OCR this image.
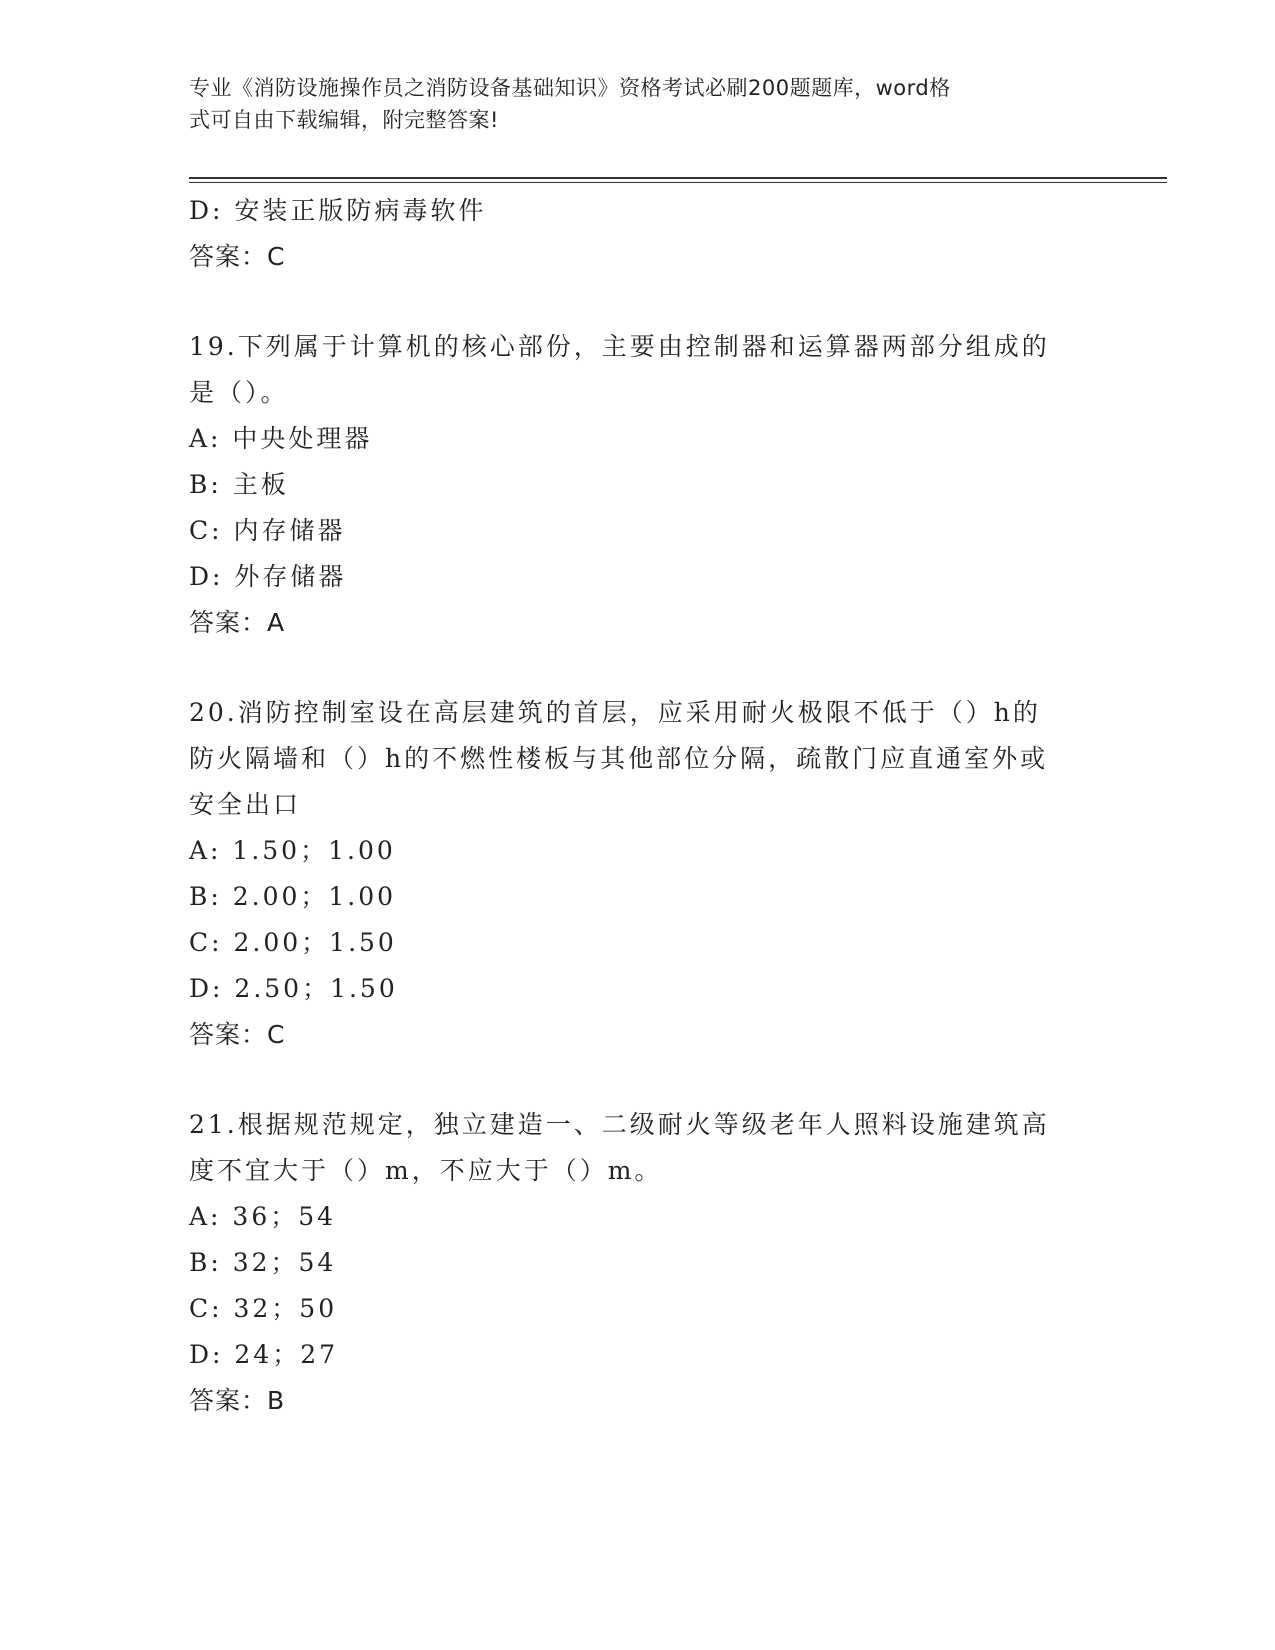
专业《消防设施操作员之消防设备基础知识》资格考试必刷200题题库，word格
式可自由下载编辑，附完整答案!
D: 安装正版防病毒软件
答案：C
19.下列属于计算机的核心部份，主要由控制器和运算器两部分组成的
是（）。
A: 中央处理器
B: 主板
C: 内存储器
D: 外存储器
答案：A
20.消防控制室设在高层建筑的首层，应采用耐火极限不低于（）h的
防火隔墙和（）h的不燃性楼板与其他部位分隔，疏散门应直通室外或
安全出口
A: 1.50；1.00
B: 2.00；1.00
C: 2.00；1.50
D: 2.50；1.50
答案：C
21.根据规范规定，独立建造一、二级耐火等级老年人照料设施建筑高
度不宜大于（）m，不应大于（）m。
A: 36；54
B: 32；54
C: 32；50
D: 24；27
答案：B
